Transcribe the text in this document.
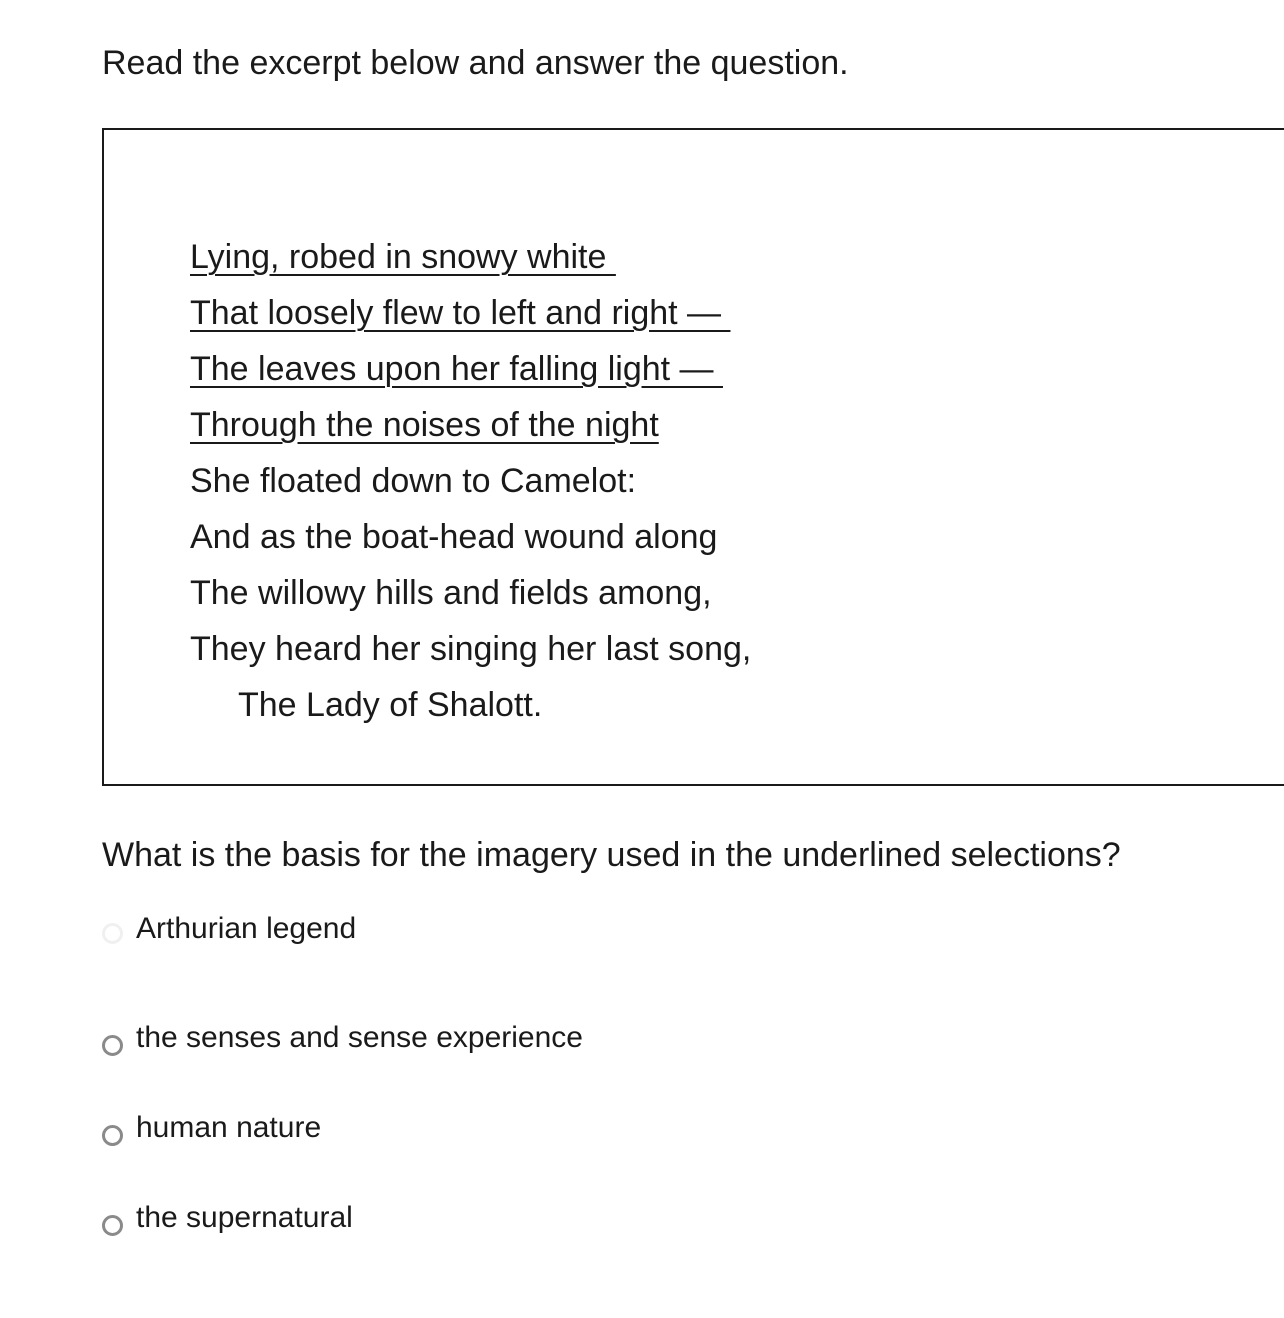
Read the excerpt below and answer the question.
Lying, robed in snowy white
That loosely flew to left and right —
The leaves upon her falling light —
Through the noises of the night
She floated down to Camelot:
And as the boat-head wound along
The willowy hills and fields among,
They heard her singing her last song,
The Lady of Shalott.
What is the basis for the imagery used in the underlined selections?
Arthurian legend
the senses and sense experience
human nature
the supernatural
